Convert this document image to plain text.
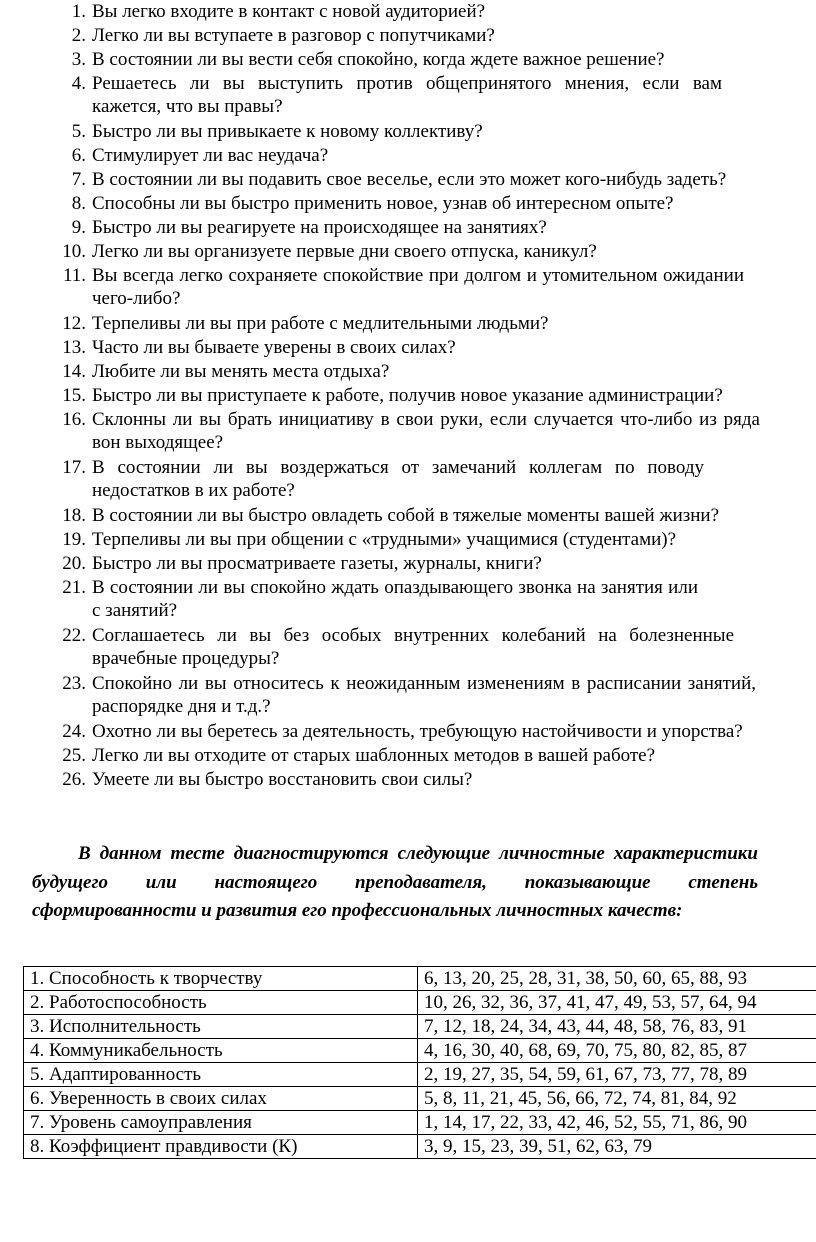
1. Вы легко входите в контакт с новой аудиторией?
2. Легко ли вы вступаете в разговор с попутчиками?
3. В состоянии ли вы вести себя спокойно, когда ждете важное решение?
4. Решаетесь ли вы выступить против общепринятого мнения, если вам кажется, что вы правы?
5. Быстро ли вы привыкаете к новому коллективу?
6. Стимулирует ли вас неудача?
7. В состоянии ли вы подавить свое веселье, если это может кого-нибудь задеть?
8. Способны ли вы быстро применить новое, узнав об интересном опыте?
9. Быстро ли вы реагируете на происходящее на занятиях?
10. Легко ли вы организуете первые дни своего отпуска, каникул?
11. Вы всегда легко сохраняете спокойствие при долгом и утомительном ожидании чего-либо?
12. Терпеливы ли вы при работе с медлительными людьми?
13. Часто ли вы бываете уверены в своих силах?
14. Любите ли вы менять места отдыха?
15. Быстро ли вы приступаете к работе, получив новое указание администрации?
16. Склонны ли вы брать инициативу в свои руки, если случается что-либо из ряда вон выходящее?
17. В состоянии ли вы воздержаться от замечаний коллегам по поводу недостатков в их работе?
18. В состоянии ли вы быстро овладеть собой в тяжелые моменты вашей жизни?
19. Терпеливы ли вы при общении с «трудными» учащимися (студентами)?
20. Быстро ли вы просматриваете газеты, журналы, книги?
21. В состоянии ли вы спокойно ждать опаздывающего звонка на занятия или с занятий?
22. Соглашаетесь ли вы без особых внутренних колебаний на болезненные врачебные процедуры?
23. Спокойно ли вы относитесь к неожиданным изменениям в расписании занятий, распорядке дня и т.д.?
24. Охотно ли вы беретесь за деятельность, требующую настойчивости и упорства?
25. Легко ли вы отходите от старых шаблонных методов в вашей работе?
26. Умеете ли вы быстро восстановить свои силы?

В данном тесте диагностируются следующие личностные характеристики будущего или настоящего преподавателя, показывающие степень сформированности и развития его профессиональных личностных качеств:

1. Способность к творчеству	6, 13, 20, 25, 28, 31, 38, 50, 60, 65, 88, 93
2. Работоспособность	10, 26, 32, 36, 37, 41, 47, 49, 53, 57, 64, 94
3. Исполнительность	7, 12, 18, 24, 34, 43, 44, 48, 58, 76, 83, 91
4. Коммуникабельность	4, 16, 30, 40, 68, 69, 70, 75, 80, 82, 85, 87
5. Адаптированность	2, 19, 27, 35, 54, 59, 61, 67, 73, 77, 78, 89
6. Уверенность в своих силах	5, 8, 11, 21, 45, 56, 66, 72, 74, 81, 84, 92
7. Уровень самоуправления	1, 14, 17, 22, 33, 42, 46, 52, 55, 71, 86, 90
8. Коэффициент правдивости (К)	3, 9, 15, 23, 39, 51, 62, 63, 79
